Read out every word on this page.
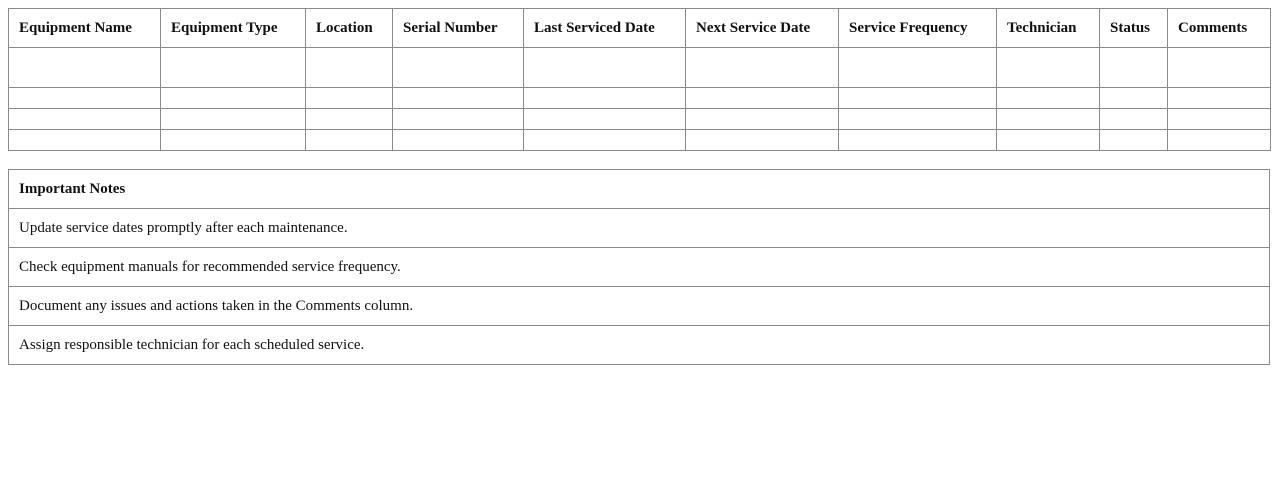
Equipment Name	Equipment Type	Location	Serial Number	Last Serviced Date	Next Service Date	Service Frequency	Technician	Status	Comments

Important Notes
Update service dates promptly after each maintenance.
Check equipment manuals for recommended service frequency.
Document any issues and actions taken in the Comments column.
Assign responsible technician for each scheduled service.
